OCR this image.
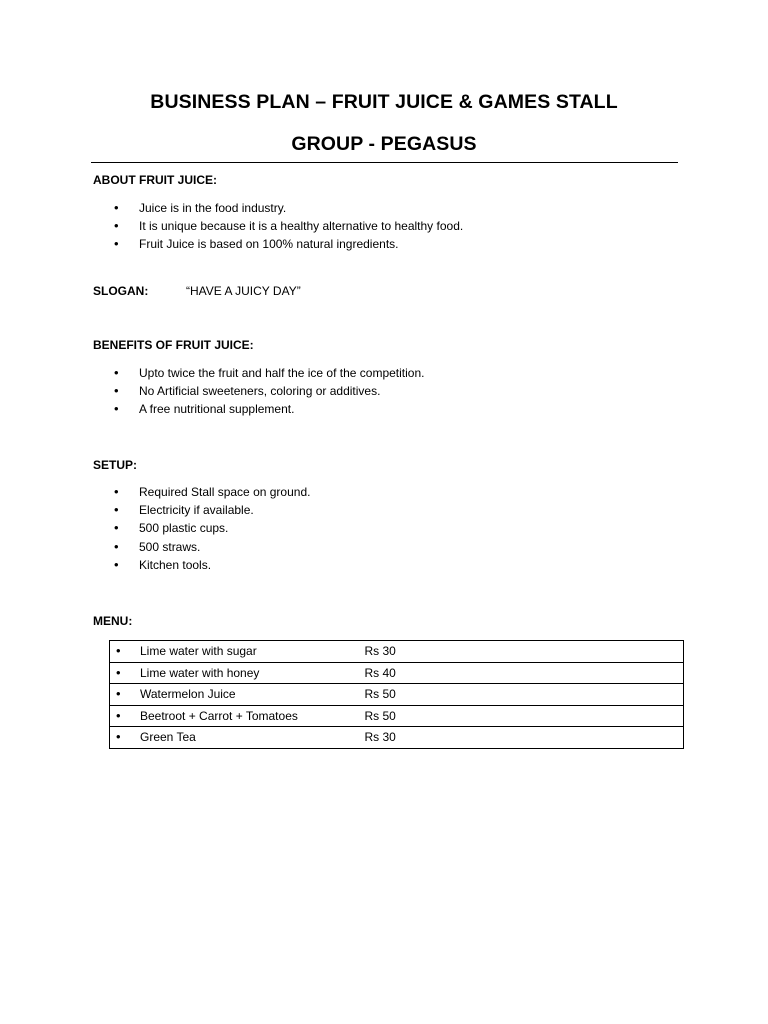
BUSINESS PLAN – FRUIT JUICE & GAMES STALL
GROUP - PEGASUS
ABOUT FRUIT JUICE:
• Juice is in the food industry.
• It is unique because it is a healthy alternative to healthy food.
• Fruit Juice is based on 100% natural ingredients.
SLOGAN:	“HAVE A JUICY DAY”
BENEFITS OF FRUIT JUICE:
• Upto twice the fruit and half the ice of the competition.
• No Artificial sweeteners, coloring or additives.
• A free nutritional supplement.
SETUP:
• Required Stall space on ground.
• Electricity if available.
• 500 plastic cups.
• 500 straws.
• Kitchen tools.
MENU:
• Lime water with sugar	Rs 30
• Lime water with honey	Rs 40
• Watermelon Juice	Rs 50
• Beetroot + Carrot + Tomatoes	Rs 50
• Green Tea	Rs 30
